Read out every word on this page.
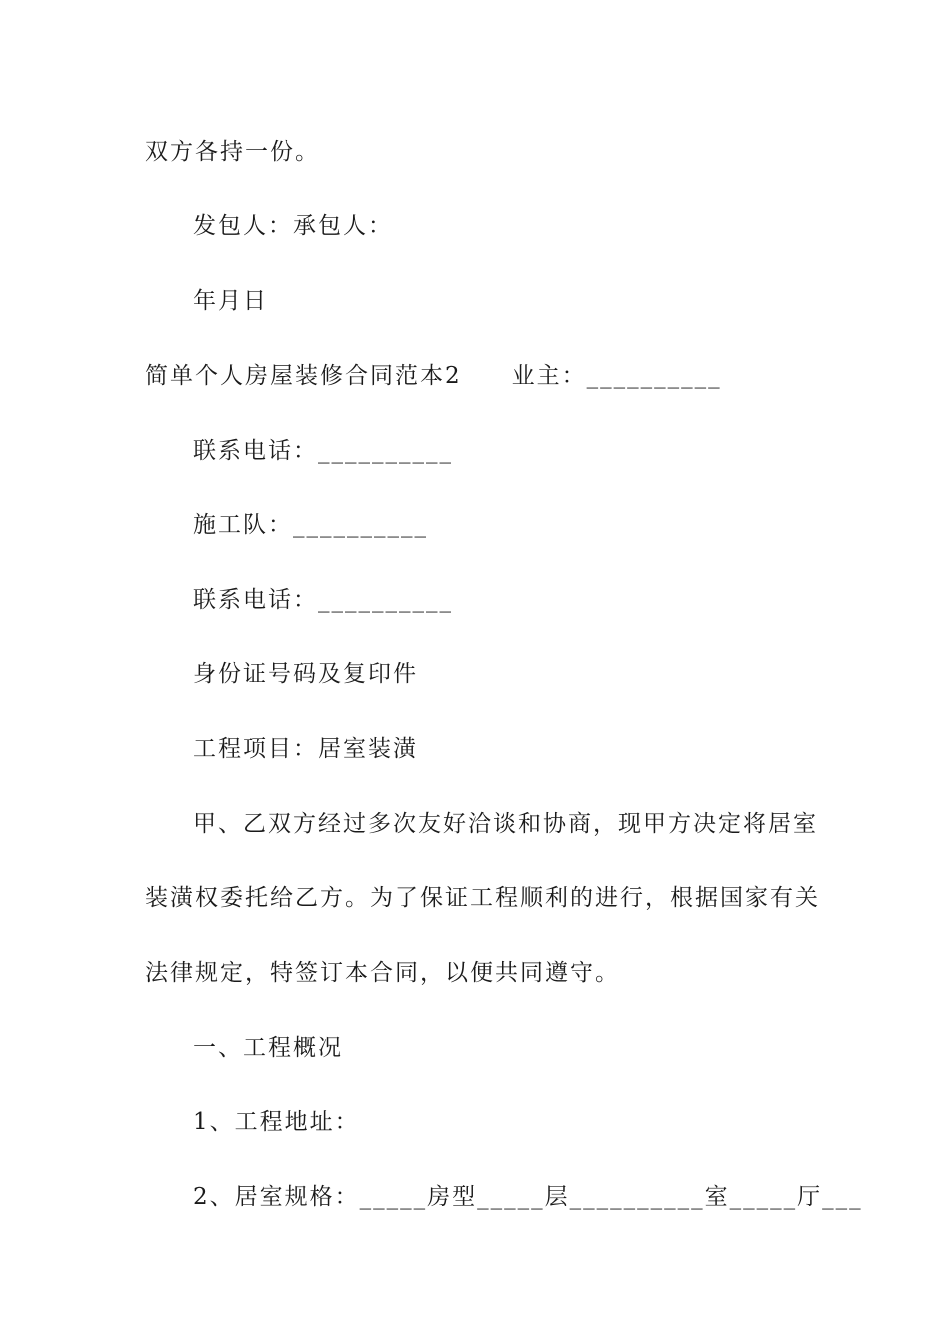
双方各持一份。
发包人：承包人：
年月日
简单个人房屋装修合同范本2 业主：__________
联系电话：__________
施工队：__________
联系电话：__________
身份证号码及复印件
工程项目：居室装潢
甲、乙双方经过多次友好洽谈和协商，现甲方决定将居室
装潢权委托给乙方。为了保证工程顺利的进行，根据国家有关
法律规定，特签订本合同，以便共同遵守。
一、工程概况
1、工程地址：
2、居室规格：_____房型_____层__________室_____厅___
